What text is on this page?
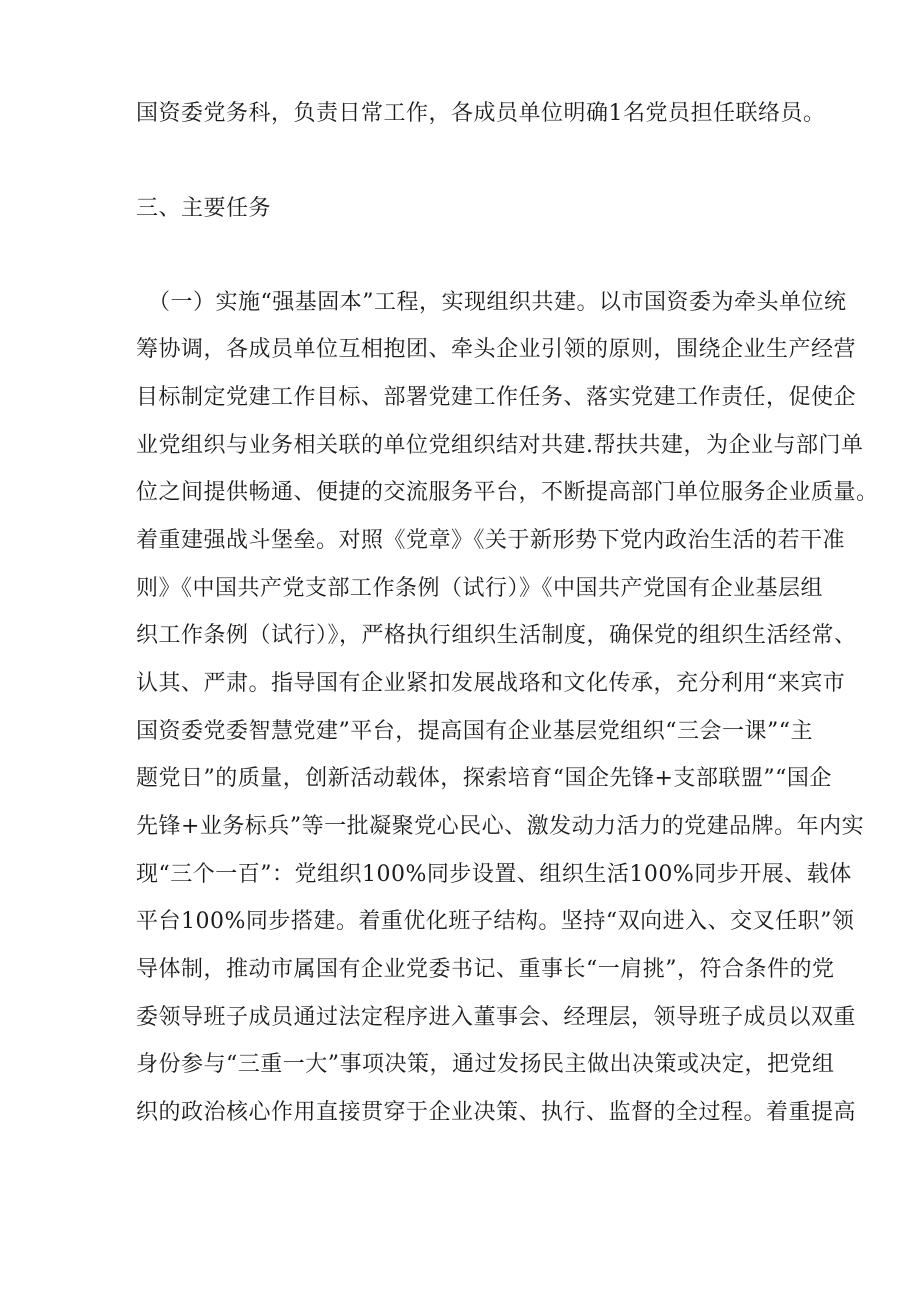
国资委党务科，负责日常工作，各成员单位明确1名党员担任联络员。
三、主要任务
（一）实施“强基固本”工程，实现组织共建。以市国资委为牵头单位统
筹协调，各成员单位互相抱团、牵头企业引领的原则，围绕企业生产经营
目标制定党建工作目标、部署党建工作任务、落实党建工作责任，促使企
业党组织与业务相关联的单位党组织结对共建.帮扶共建，为企业与部门单
位之间提供畅通、便捷的交流服务平台，不断提高部门单位服务企业质量。
着重建强战斗堡垒。对照《党章》《关于新形势下党内政治生活的若干准
则》《中国共产党支部工作条例（试行）》《中国共产党国有企业基层组
织工作条例（试行）》，严格执行组织生活制度，确保党的组织生活经常、
认其、严肃。指导国有企业紧扣发展战珞和文化传承，充分利用“来宾市
国资委党委智慧党建”平台，提高国有企业基层党组织“三会一课”“主
题党日”的质量，创新活动载体，探索培育“国企先锋+支部联盟”“国企
先锋+业务标兵”等一批凝聚党心民心、激发动力活力的党建品牌。年内实
现“三个一百”：党组织100%同步设置、组织生活100%同步开展、载体
平台100%同步搭建。着重优化班子结构。坚持“双向进入、交叉任职”领
导体制，推动市属国有企业党委书记、重事长“一肩挑”，符合条件的党
委领导班子成员通过法定程序进入董事会、经理层，领导班子成员以双重
身份参与“三重一大”事项决策，通过发扬民主做出决策或决定，把党组
织的政治核心作用直接贯穿于企业决策、执行、监督的全过程。着重提高
